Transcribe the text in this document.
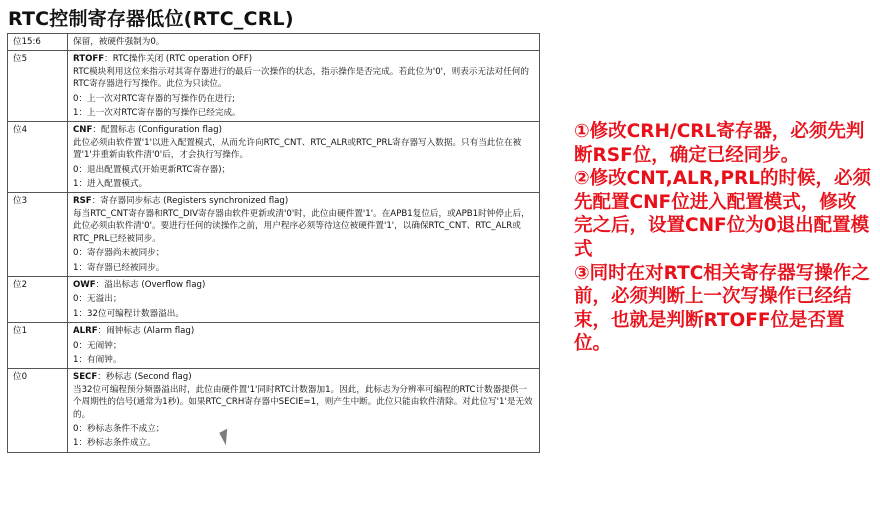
RTC控制寄存器低位(RTC_CRL)
位15:6	保留，被硬件强制为0。

位5	RTOFF：RTC操作关闭 (RTC operation OFF)
RTC模块利用这位来指示对其寄存器进行的最后一次操作的状态，指示操作是否完成。若此位为'0'，则表示无法对任何的RTC寄存器进行写操作。此位为只读位。
0：上一次对RTC寄存器的写操作仍在进行;
1：上一次对RTC寄存器的写操作已经完成。

位4	CNF：配置标志 (Configuration flag)
此位必须由软件置'1'以进入配置模式，从而允许向RTC_CNT、RTC_ALR或RTC_PRL寄存器写入数据。只有当此位在被置'1'并重新由软件清'0'后，才会执行写操作。
0：退出配置模式(开始更新RTC寄存器)；
1：进入配置模式。

位3	RSF：寄存器同步标志 (Registers synchronized flag)
每当RTC_CNT寄存器和RTC_DIV寄存器由软件更新或清'0'时，此位由硬件置'1'。在APB1复位后，或APB1时钟停止后，此位必须由软件清'0'。要进行任何的读操作之前，用户程序必须等待这位被硬件置'1'，以确保RTC_CNT、RTC_ALR或RTC_PRL已经被同步。
0：寄存器尚未被同步；
1：寄存器已经被同步。

位2	OWF：溢出标志 (Overflow flag)
0：无溢出；
1：32位可编程计数器溢出。

位1	ALRF：闹钟标志 (Alarm flag)
0：无闹钟；
1：有闹钟。

位0	SECF：秒标志 (Second flag)
当32位可编程预分频器溢出时，此位由硬件置'1'同时RTC计数器加1。因此，此标志为分辨率可编程的RTC计数器提供一个周期性的信号(通常为1秒)。如果RTC_CRH寄存器中SECIE=1，则产生中断。此位只能由软件清除。对此位写'1'是无效的。
0：秒标志条件不成立；
1：秒标志条件成立。

①修改CRH/CRL寄存器，必须先判断RSF位，确定已经同步。

②修改CNT,ALR,PRL的时候，必须先配置CNF位进入配置模式，修改完之后，设置CNF位为0退出配置模式

③同时在对RTC相关寄存器写操作之前，必须判断上一次写操作已经结束，也就是判断RTOFF位是否置位。
